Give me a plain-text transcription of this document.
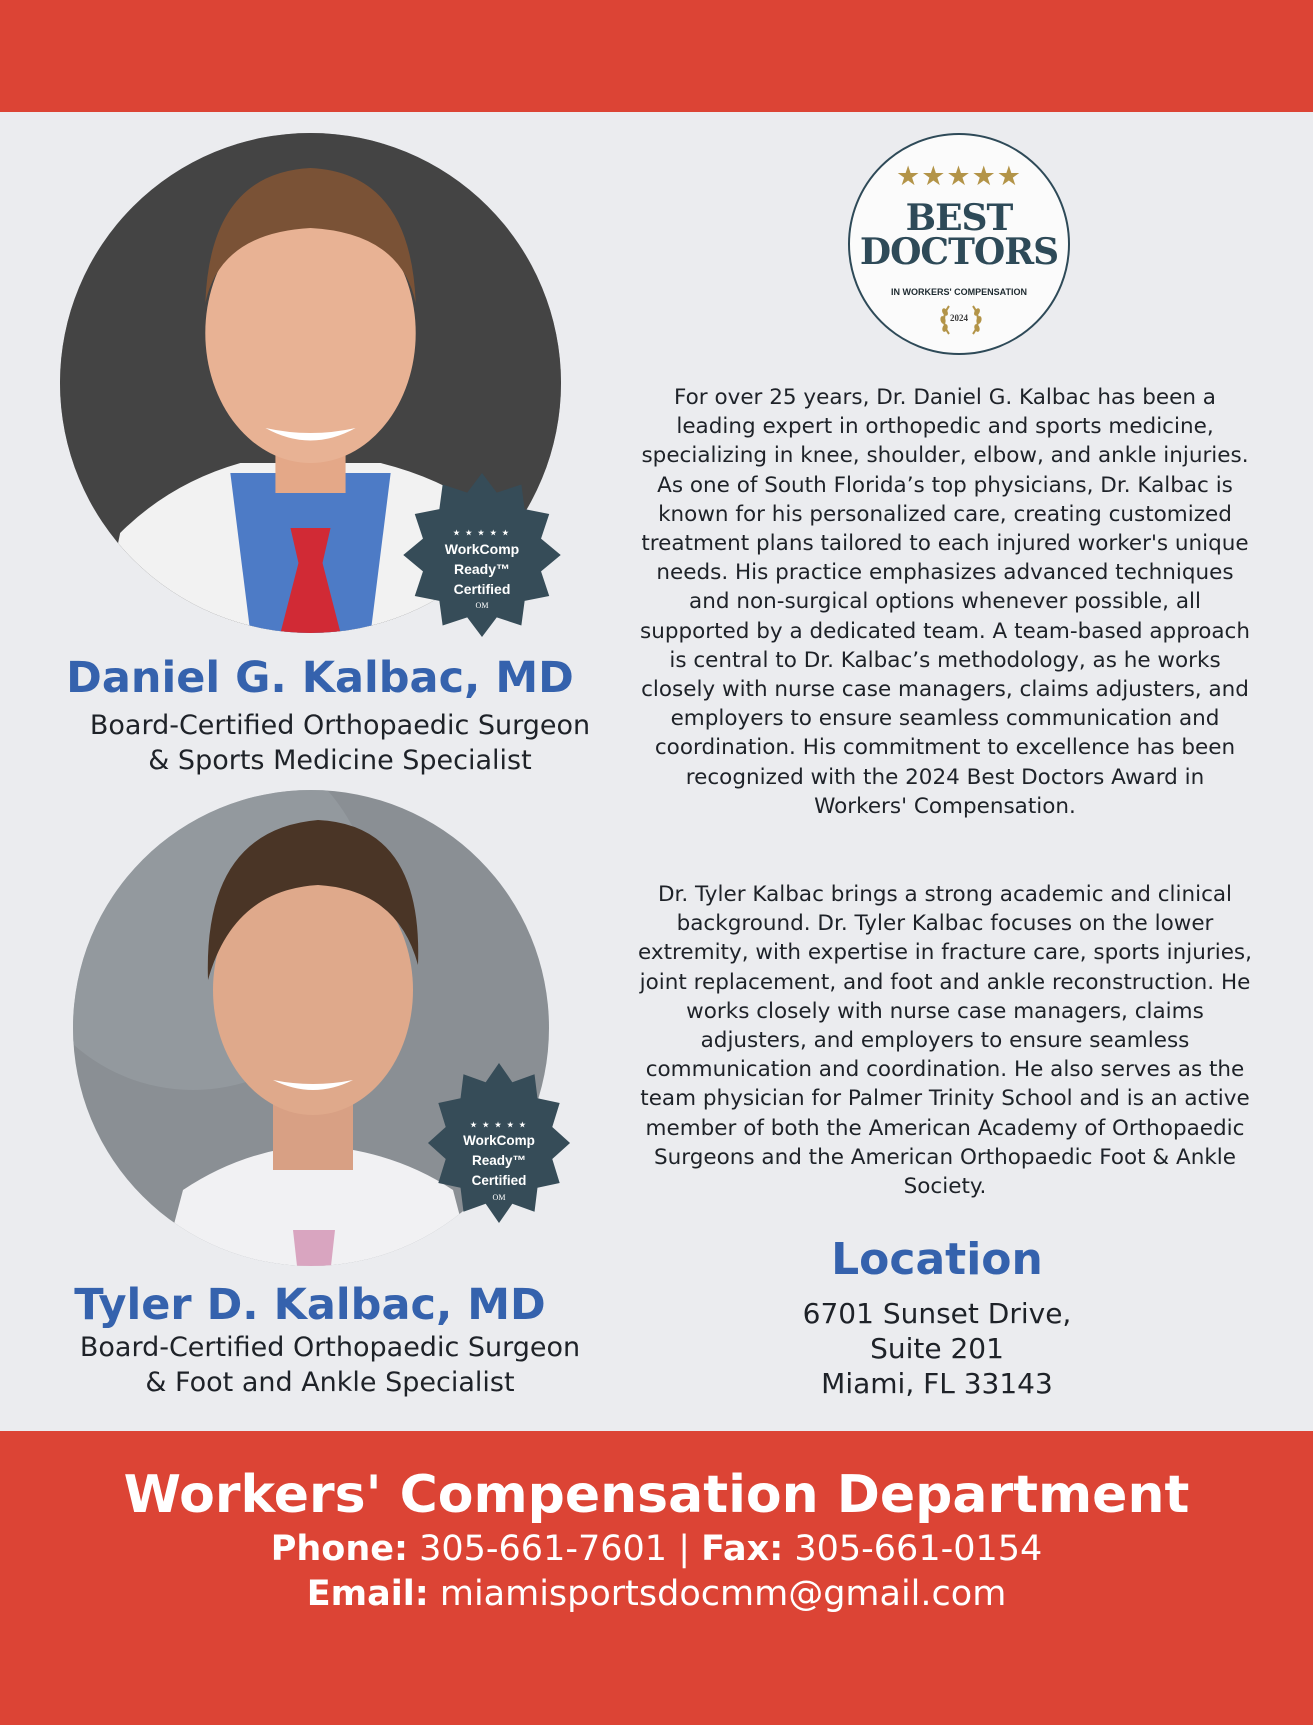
★ ★ ★ ★ ★
WorkComp
Ready™
Certified
OM
Daniel G. Kalbac, MD

Board-Certified Orthopaedic Surgeon
& Sports Medicine Specialist

★ ★ ★ ★ ★
WorkComp
Ready™
Certified
OM
Tyler D. Kalbac, MD

Board-Certified Orthopaedic Surgeon
& Foot and Ankle Specialist

★★★★★
BEST
DOCTORS
IN WORKERS' COMPENSATION
2024

For over 25 years, Dr. Daniel G. Kalbac has been a leading expert in orthopedic and sports medicine, specializing in knee, shoulder, elbow, and ankle injuries. As one of South Florida’s top physicians, Dr. Kalbac is known for his personalized care, creating customized treatment plans tailored to each injured worker's unique needs. His practice emphasizes advanced techniques and non-surgical options whenever possible, all supported by a dedicated team. A team-based approach is central to Dr. Kalbac’s methodology, as he works closely with nurse case managers, claims adjusters, and employers to ensure seamless communication and coordination. His commitment to excellence has been recognized with the 2024 Best Doctors Award in Workers' Compensation.

Dr. Tyler Kalbac brings a strong academic and clinical background. Dr. Tyler Kalbac focuses on the lower extremity, with expertise in fracture care, sports injuries, joint replacement, and foot and ankle reconstruction. He works closely with nurse case managers, claims adjusters, and employers to ensure seamless communication and coordination. He also serves as the team physician for Palmer Trinity School and is an active member of both the American Academy of Orthopaedic Surgeons and the American Orthopaedic Foot & Ankle Society.

Location

6701 Sunset Drive,
Suite 201
Miami, FL 33143

Workers' Compensation Department
Phone: 305-661-7601 | Fax: 305-661-0154
Email: miamisportsdocmm@gmail.com
